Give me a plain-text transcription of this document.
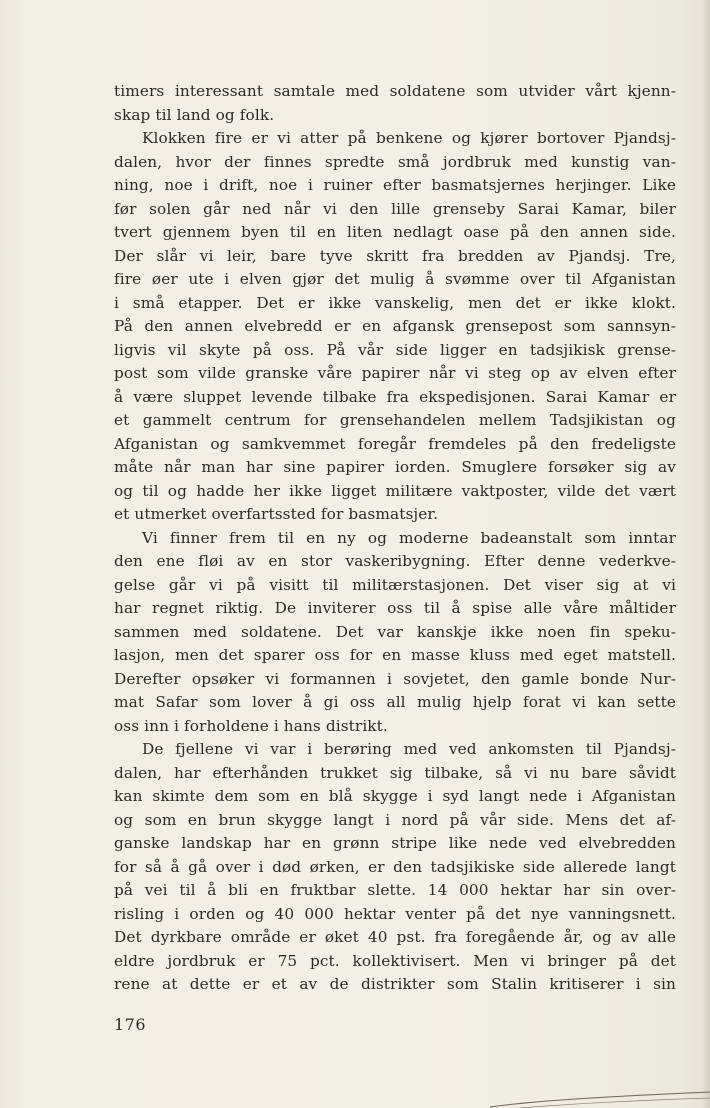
timers interessant samtale med soldatene som utvider vårt kjenn-
skap til land og folk.
Klokken fire er vi atter på benkene og kjører bortover Pjandsj-
dalen, hvor der finnes spredte små jordbruk med kunstig van-
ning, noe i drift, noe i ruiner efter basmatsjernes herjinger. Like
før solen går ned når vi den lille grenseby Sarai Kamar, biler
tvert gjennem byen til en liten nedlagt oase på den annen side.
Der slår vi leir, bare tyve skritt fra bredden av Pjandsj. Tre,
fire øer ute i elven gjør det mulig å svømme over til Afganistan
i små etapper. Det er ikke vanskelig, men det er ikke klokt.
På den annen elvebredd er en afgansk grensepost som sannsyn-
ligvis vil skyte på oss. På vår side ligger en tadsjikisk grense-
post som vilde granske våre papirer når vi steg op av elven efter
å være sluppet levende tilbake fra ekspedisjonen. Sarai Kamar er
et gammelt centrum for grensehandelen mellem Tadsjikistan og
Afganistan og samkvemmet foregår fremdeles på den fredeligste
måte når man har sine papirer iorden. Smuglere forsøker sig av
og til og hadde her ikke ligget militære vaktposter, vilde det vært
et utmerket overfartssted for basmatsjer.
Vi finner frem til en ny og moderne badeanstalt som inntar
den ene fløi av en stor vaskeribygning. Efter denne vederkve-
gelse går vi på visitt til militærstasjonen. Det viser sig at vi
har regnet riktig. De inviterer oss til å spise alle våre måltider
sammen med soldatene. Det var kanskje ikke noen fin speku-
lasjon, men det sparer oss for en masse kluss med eget matstell.
Derefter opsøker vi formannen i sovjetet, den gamle bonde Nur-
mat Safar som lover å gi oss all mulig hjelp forat vi kan sette
oss inn i forholdene i hans distrikt.
De fjellene vi var i berøring med ved ankomsten til Pjandsj-
dalen, har efterhånden trukket sig tilbake, så vi nu bare såvidt
kan skimte dem som en blå skygge i syd langt nede i Afganistan
og som en brun skygge langt i nord på vår side. Mens det af-
ganske landskap har en grønn stripe like nede ved elvebredden
for så å gå over i død ørken, er den tadsjikiske side allerede langt
på vei til å bli en fruktbar slette. 14 000 hektar har sin over-
risling i orden og 40 000 hektar venter på det nye vanningsnett.
Det dyrkbare område er øket 40 pst. fra foregående år, og av alle
eldre jordbruk er 75 pct. kollektivisert. Men vi bringer på det
rene at dette er et av de distrikter som Stalin kritiserer i sin
176
